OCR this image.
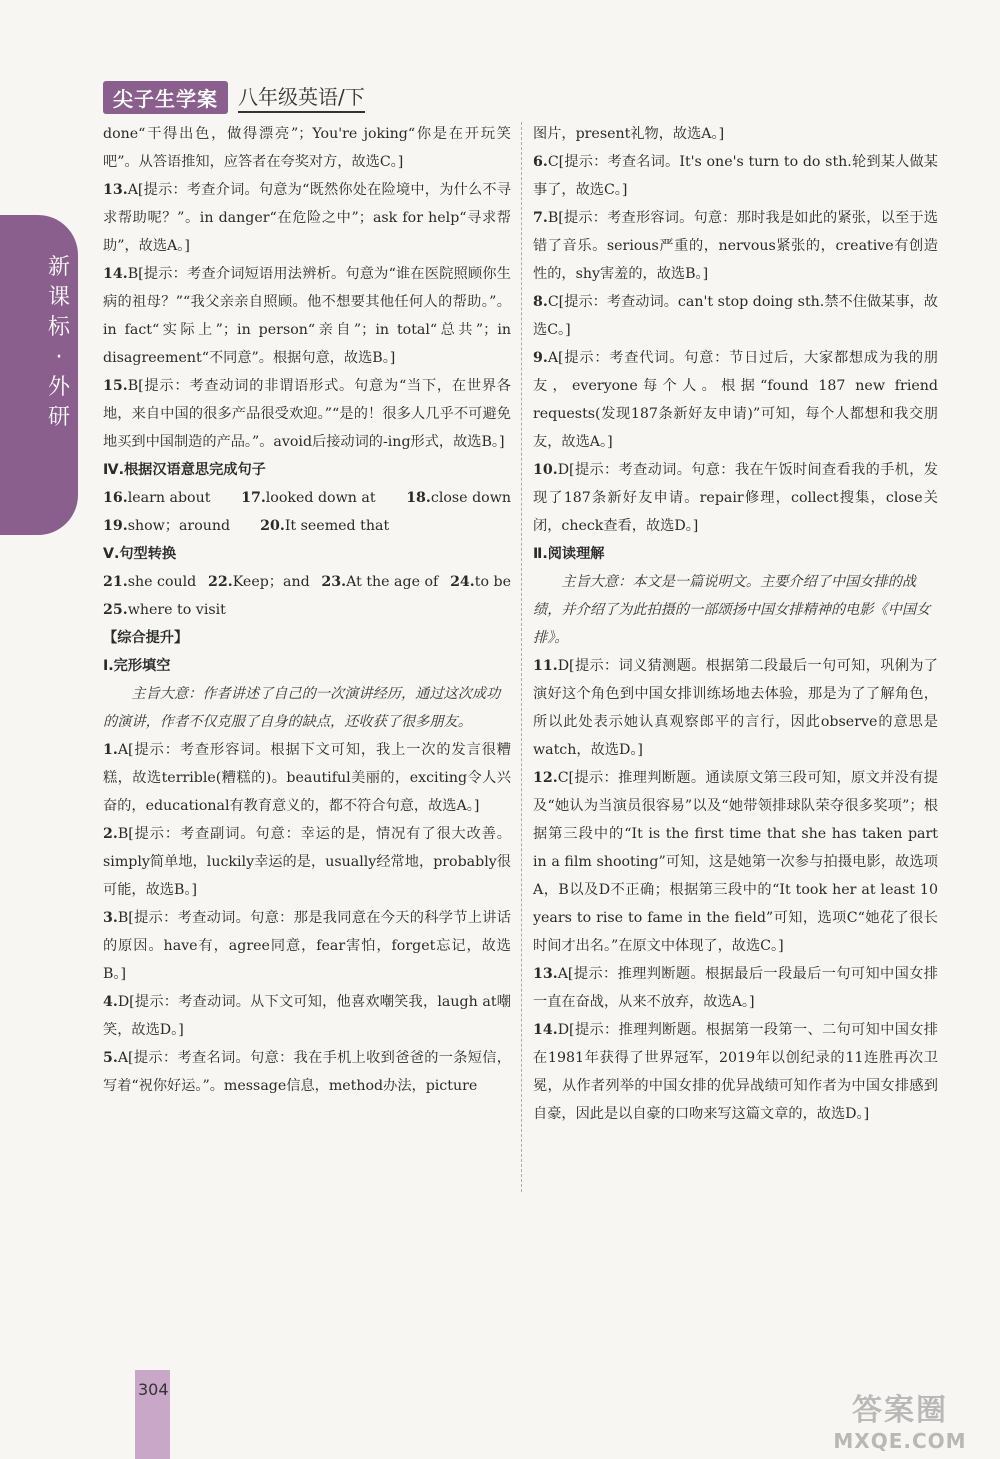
新
课
标
·
外
研
尖子生学案	八年级英语/下

done“干得出色，做得漂亮”；You're joking“你是在开玩笑吧”。从答语推知，应答者在夸奖对方，故选C。]

13.A[提示：考查介词。句意为“既然你处在险境中，为什么不寻求帮助呢？”。in danger“在危险之中”；ask for help“寻求帮助”，故选A。]

14.B[提示：考查介词短语用法辨析。句意为“谁在医院照顾你生病的祖母？”“我父亲亲自照顾。他不想要其他任何人的帮助。”。in fact“实际上”；in person“亲自”；in total“总共”；in disagreement“不同意”。根据句意，故选B。]

15.B[提示：考查动词的非谓语形式。句意为“当下，在世界各地，来自中国的很多产品很受欢迎。”“是的！很多人几乎不可避免地买到中国制造的产品。”。avoid后接动词的-ing形式，故选B。]

Ⅳ.根据汉语意思完成句子

16.learn about 17.looked down at 18.close down
19.show；around 20.It seemed that

Ⅴ.句型转换

21.she could 22.Keep；and 23.At the age of 24.to be
25.where to visit

【综合提升】

Ⅰ.完形填空

主旨大意：作者讲述了自己的一次演讲经历，通过这次成功的演讲，作者不仅克服了自身的缺点，还收获了很多朋友。

1.A[提示：考查形容词。根据下文可知，我上一次的发言很糟糕，故选terrible(糟糕的)。beautiful美丽的，exciting令人兴奋的，educational有教育意义的，都不符合句意，故选A。]

2.B[提示：考查副词。句意：幸运的是，情况有了很大改善。simply简单地，luckily幸运的是，usually经常地，probably很可能，故选B。]

3.B[提示：考查动词。句意：那是我同意在今天的科学节上讲话的原因。have有，agree同意，fear害怕，forget忘记，故选B。]

4.D[提示：考查动词。从下文可知，他喜欢嘲笑我，laugh at嘲笑，故选D。]

5.A[提示：考查名词。句意：我在手机上收到爸爸的一条短信，写着“祝你好运。”。message信息，method办法，picture

图片，present礼物，故选A。]

6.C[提示：考查名词。It's one's turn to do sth.轮到某人做某事了，故选C。]

7.B[提示：考查形容词。句意：那时我是如此的紧张，以至于选错了音乐。serious严重的，nervous紧张的，creative有创造性的，shy害羞的，故选B。]

8.C[提示：考查动词。can't stop doing sth.禁不住做某事，故选C。]

9.A[提示：考查代词。句意：节日过后，大家都想成为我的朋友，everyone每个人。根据“found 187 new friend requests(发现187条新好友申请)”可知，每个人都想和我交朋友，故选A。]

10.D[提示：考查动词。句意：我在午饭时间查看我的手机，发现了187条新好友申请。repair修理，collect搜集，close关闭，check查看，故选D。]

Ⅱ.阅读理解

主旨大意：本文是一篇说明文。主要介绍了中国女排的战绩，并介绍了为此拍摄的一部颂扬中国女排精神的电影《中国女排》。

11.D[提示：词义猜测题。根据第二段最后一句可知，巩俐为了演好这个角色到中国女排训练场地去体验，那是为了了解角色，所以此处表示她认真观察郎平的言行，因此observe的意思是watch，故选D。]

12.C[提示：推理判断题。通读原文第三段可知，原文并没有提及“她认为当演员很容易”以及“她带领排球队荣夺很多奖项”；根据第三段中的“It is the first time that she has taken part in a film shooting”可知，这是她第一次参与拍摄电影，故选项A，B以及D不正确；根据第三段中的“It took her at least 10 years to rise to fame in the field”可知，选项C“她花了很长时间才出名。”在原文中体现了，故选C。]

13.A[提示：推理判断题。根据最后一段最后一句可知中国女排一直在奋战，从来不放弃，故选A。]

14.D[提示：推理判断题。根据第一段第一、二句可知中国女排在1981年获得了世界冠军，2019年以创纪录的11连胜再次卫冕，从作者列举的中国女排的优异战绩可知作者为中国女排感到自豪，因此是以自豪的口吻来写这篇文章的，故选D。]

304
答案圈
MXQE.COM
